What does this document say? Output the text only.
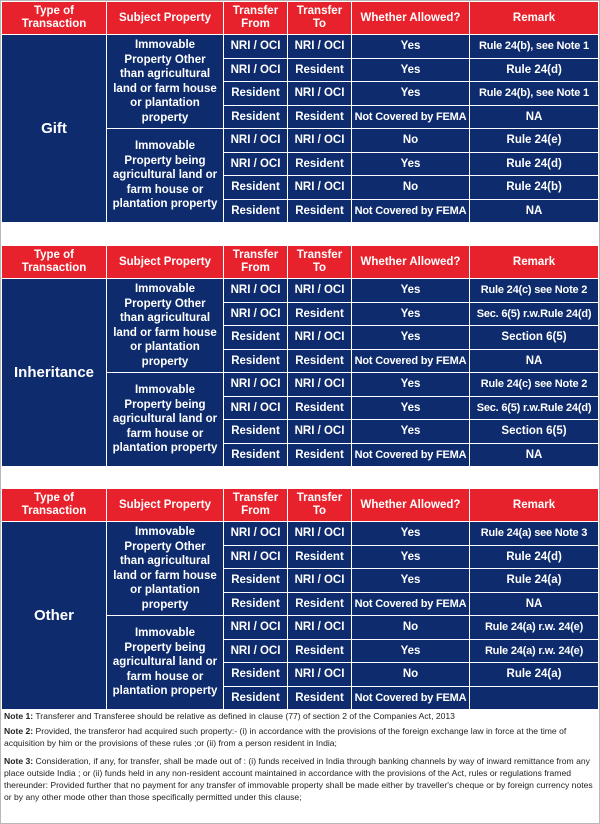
Type of Transaction	Subject Property	Transfer From	Transfer To	Whether Allowed?	Remark
Gift	Immovable Property Other than agricultural land or farm house or plantation property	NRI / OCI	NRI / OCI	Yes	Rule 24(b), see Note 1
		NRI / OCI	Resident	Yes	Rule 24(d)
		Resident	NRI / OCI	Yes	Rule 24(b), see Note 1
		Resident	Resident	Not Covered by FEMA	NA
	Immovable Property being agricultural land or farm house or plantation property	NRI / OCI	NRI / OCI	No	Rule 24(e)
		NRI / OCI	Resident	Yes	Rule 24(d)
		Resident	NRI / OCI	No	Rule 24(b)
		Resident	Resident	Not Covered by FEMA	NA
Type of Transaction	Subject Property	Transfer From	Transfer To	Whether Allowed?	Remark
Inheritance	Immovable Property Other than agricultural land or farm house or plantation property	NRI / OCI	NRI / OCI	Yes	Rule 24(c) see Note 2
		NRI / OCI	Resident	Yes	Sec. 6(5) r.w.Rule 24(d)
		Resident	NRI / OCI	Yes	Section 6(5)
		Resident	Resident	Not Covered by FEMA	NA
	Immovable Property being agricultural land or farm house or plantation property	NRI / OCI	NRI / OCI	Yes	Rule 24(c) see Note 2
		NRI / OCI	Resident	Yes	Sec. 6(5) r.w.Rule 24(d)
		Resident	NRI / OCI	Yes	Section 6(5)
		Resident	Resident	Not Covered by FEMA	NA
Type of Transaction	Subject Property	Transfer From	Transfer To	Whether Allowed?	Remark
Other	Immovable Property Other than agricultural land or farm house or plantation property	NRI / OCI	NRI / OCI	Yes	Rule 24(a) see Note 3
		NRI / OCI	Resident	Yes	Rule 24(d)
		Resident	NRI / OCI	Yes	Rule 24(a)
		Resident	Resident	Not Covered by FEMA	NA
	Immovable Property being agricultural land or farm house or plantation property	NRI / OCI	NRI / OCI	No	Rule 24(a) r.w. 24(e)
		NRI / OCI	Resident	Yes	Rule 24(a) r.w. 24(e)
		Resident	NRI / OCI	No	Rule 24(a)
		Resident	Resident	Not Covered by FEMA	

Note 1: Transferer and Transferee should be relative as defined in clause (77) of section 2 of the Companies Act, 2013

Note 2: Provided, the transferor had acquired such property:- (i) in accordance with the provisions of the foreign exchange law in force at the time of acquisition by him or the provisions of these rules ;or (ii) from a person resident in India;

Note 3: Consideration, if any, for transfer, shall be made out of : (i) funds received in India through banking channels by way of inward remittance from any place outside India ; or (ii) funds held in any non-resident account maintained in accordance with the provisions of the Act, rules or regulations framed thereunder: Provided further that no payment for any transfer of immovable property shall be made either by traveller's cheque or by foreign currency notes or by any other mode other than those specifically permitted under this clause;
